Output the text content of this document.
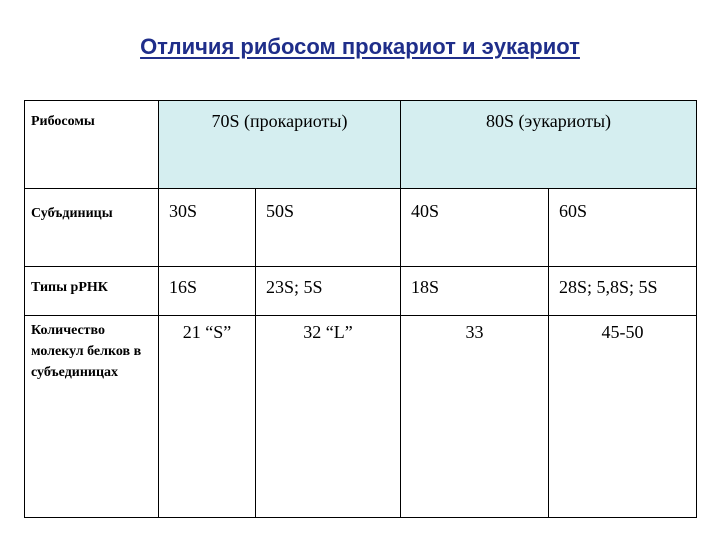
Отличия рибосом прокариот и эукариот
Рибосомы	70S (прокариоты)		80S (эукариоты)	

Субъдиницы	30S	50S	40S	60S

Типы рРНК	16S	23S; 5S	18S	28S; 5,8S; 5S

Количество молекул белков в субъединицах	21 “S”	32 “L”	33	45-50
